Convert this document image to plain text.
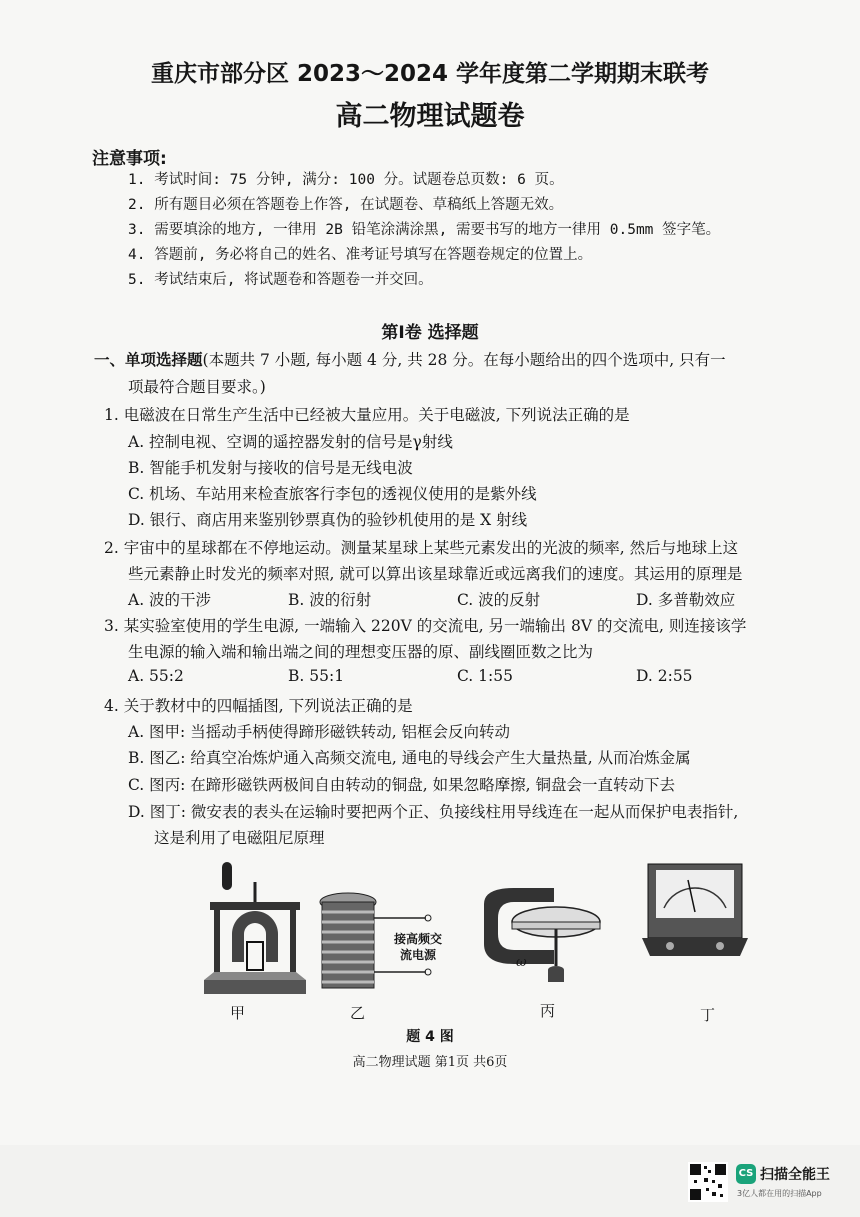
重庆市部分区 2023～2024 学年度第二学期期末联考
高二物理试题卷
注意事项:
1. 考试时间: 75 分钟, 满分: 100 分。试题卷总页数: 6 页。
2. 所有题目必须在答题卷上作答, 在试题卷、草稿纸上答题无效。
3. 需要填涂的地方, 一律用 2B 铅笔涂满涂黑, 需要书写的地方一律用 0.5mm 签字笔。
4. 答题前, 务必将自己的姓名、准考证号填写在答题卷规定的位置上。
5. 考试结束后, 将试题卷和答题卷一并交回。
第Ⅰ卷 选择题
一、单项选择题(本题共 7 小题, 每小题 4 分, 共 28 分。在每小题给出的四个选项中, 只有一
项最符合题目要求。)
1. 电磁波在日常生产生活中已经被大量应用。关于电磁波, 下列说法正确的是
A. 控制电视、空调的遥控器发射的信号是γ射线
B. 智能手机发射与接收的信号是无线电波
C. 机场、车站用来检查旅客行李包的透视仪使用的是紫外线
D. 银行、商店用来鉴别钞票真伪的验钞机使用的是 X 射线
2. 宇宙中的星球都在不停地运动。测量某星球上某些元素发出的光波的频率, 然后与地球上这
些元素静止时发光的频率对照, 就可以算出该星球靠近或远离我们的速度。其运用的原理是
A. 波的干涉	B. 波的衍射	C. 波的反射	D. 多普勒效应
3. 某实验室使用的学生电源, 一端输入 220V 的交流电, 另一端输出 8V 的交流电, 则连接该学
生电源的输入端和输出端之间的理想变压器的原、副线圈匝数之比为
A. 55:2	B. 55:1	C. 1:55	D. 2:55
4. 关于教材中的四幅插图, 下列说法正确的是
A. 图甲: 当摇动手柄使得蹄形磁铁转动, 铝框会反向转动
B. 图乙: 给真空冶炼炉通入高频交流电, 通电的导线会产生大量热量, 从而冶炼金属
C. 图丙: 在蹄形磁铁两极间自由转动的铜盘, 如果忽略摩擦, 铜盘会一直转动下去
D. 图丁: 微安表的表头在运输时要把两个正、负接线柱用导线连在一起从而保护电表指针,
这是利用了电磁阻尼原理
接高频交
流电源	ω
甲	乙	丙	丁
题 4 图
高二物理试题 第1页 共6页
CS 扫描全能王
3亿人都在用的扫描App
